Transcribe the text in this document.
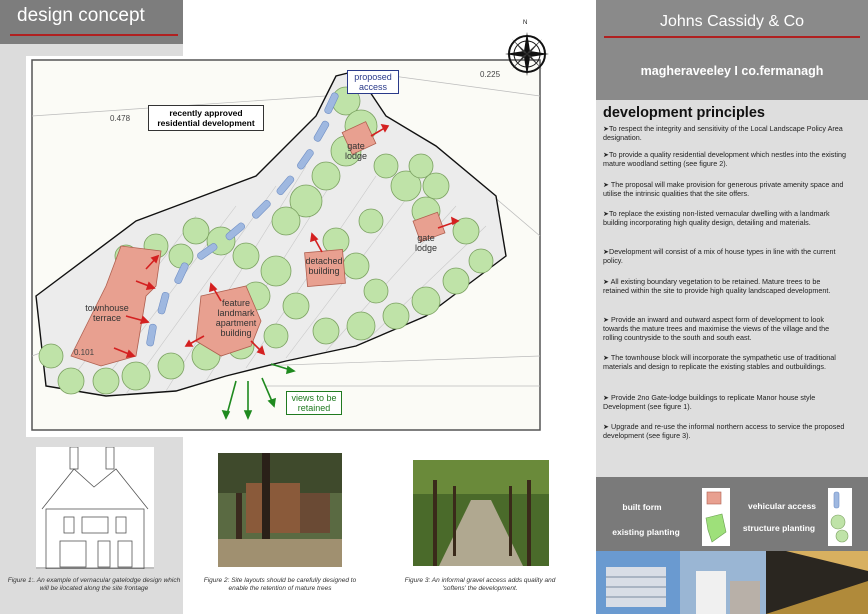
design concept	N
proposed access
recently approved residential development
gate lodge
gate lodge
detached building
townhouse terrace
feature landmark apartment building
views to be retained
0.478
0.101
0.225
Figure 1:. An example of vernacular gatelodge design which will be ilocated along the site frontage
Figure 2: Site layouts should be carefully designed to enable the retention of mature trees
Figure 3: An informal gravel access adds quality and 'softens' the development.
Johns Cassidy & Co
magheraveeley I co.fermanagh
development principles
➤To respect the integrity and sensitivity of the Local Landscape Policy Area designation.
➤To provide a quality residential development which nestles into the existing mature woodland setting (see figure 2).
➤ The proposal will make provision for generous private amenity space and utilise the intrinsic qualities that the site offers.
➤To replace the existing non-listed vernacular dwelling with a landmark building incorporating high quality design, detailing and materials.
➤Development will consist of a mix of house types in line with the current policy.
➤ All existing boundary vegetation to be retained. Mature trees to be retained within the site to provide high quality landscaped development.
➤ Provide an inward and outward aspect form of development to look towards the mature trees and maximise the views of the village and the rolling countryside to the south and south east.
➤ The townhouse block will incorporate the sympathetic use of traditional materials and design to replicate the existing stables and outbuildings.
➤ Provide 2no Gate-lodge buildings to replicate Manor house style Development (see figure 1).
➤ Upgrade and re-use the informal northern access to service the proposed development (see figure 3).
built form
existing planting
vehicular access
structure planting
